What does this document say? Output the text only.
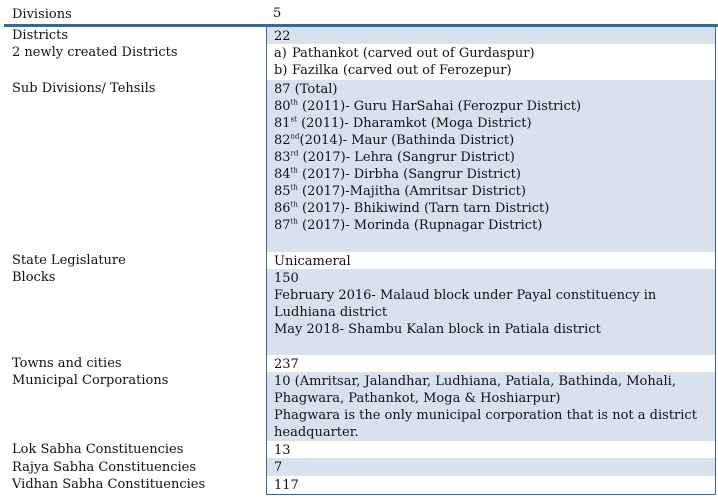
Divisions	5
Districts	22
2 newly created Districts	a) Pathankot (carved out of Gurdaspur)
b) Fazilka (carved out of Ferozepur)
Sub Divisions/ Tehsils	87 (Total)
80th (2011)- Guru HarSahai (Ferozpur District)
81st (2011)- Dharamkot (Moga District)
82nd(2014)- Maur (Bathinda District)
83rd (2017)- Lehra (Sangrur District)
84th (2017)- Dirbha (Sangrur District)
85th (2017)-Majitha (Amritsar District)
86th (2017)- Bhikiwind (Tarn tarn District)
87th (2017)- Morinda (Rupnagar District)
State Legislature	Unicameral
Blocks	150
February 2016- Malaud block under Payal constituency in Ludhiana district
May 2018- Shambu Kalan block in Patiala district
Towns and cities	237
Municipal Corporations	10 (Amritsar, Jalandhar, Ludhiana, Patiala, Bathinda, Mohali, Phagwara, Pathankot, Moga & Hoshiarpur)
Phagwara is the only municipal corporation that is not a district headquarter.
Lok Sabha Constituencies	13
Rajya Sabha Constituencies	7
Vidhan Sabha Constituencies	117
